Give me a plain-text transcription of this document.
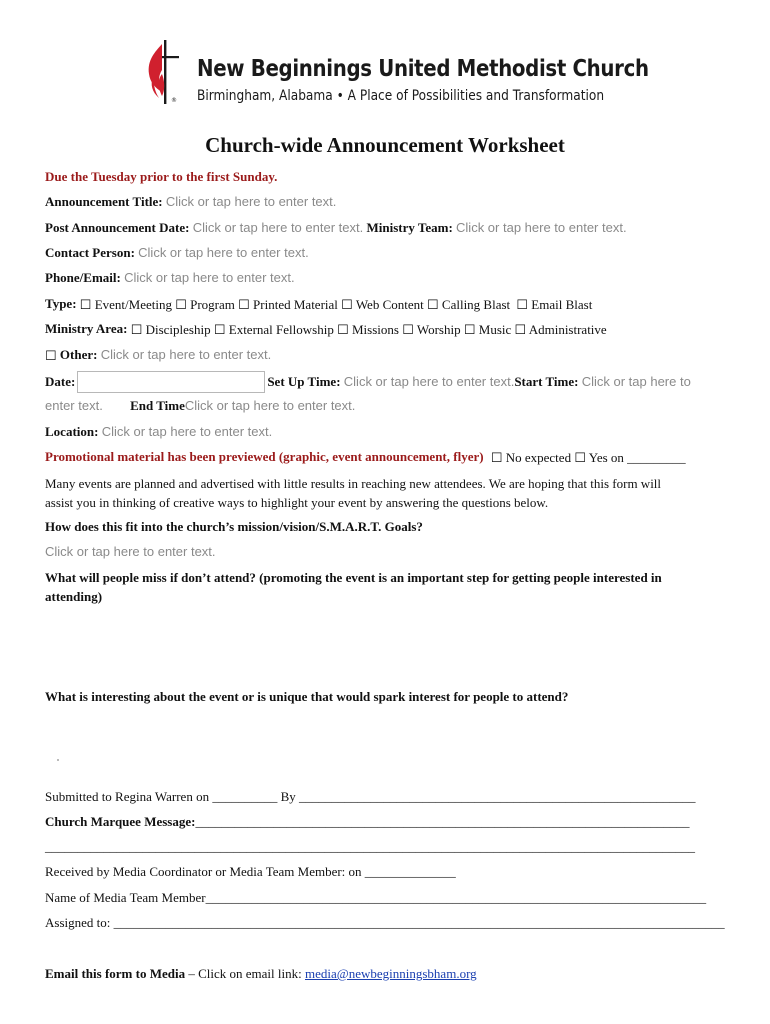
®
New Beginnings United Methodist Church
Birmingham, Alabama • A Place of Possibilities and Transformation
Church-wide Announcement Worksheet
Due the Tuesday prior to the first Sunday.
Announcement Title: Click or tap here to enter text.
Post Announcement Date: Click or tap here to enter text. Ministry Team: Click or tap here to enter text.
Contact Person: Click or tap here to enter text.
Phone/Email: Click or tap here to enter text.
Type: ☐ Event/Meeting ☐ Program ☐ Printed Material ☐ Web Content ☐ Calling Blast ☐ Email Blast
Ministry Area: ☐ Discipleship ☐ External Fellowship ☐ Missions ☐ Worship ☐ Music ☐ Administrative
☐ Other: Click or tap here to enter text.
Date:	Set Up Time: Click or tap here to enter text.Start Time: Click or tap here to
enter text. End TimeClick or tap here to enter text.
Location: Click or tap here to enter text.
Promotional material has been previewed (graphic, event announcement, flyer) ☐ No expected ☐ Yes on _________
Many events are planned and advertised with little results in reaching new attendees. We are hoping that this form will
assist you in thinking of creative ways to highlight your event by answering the questions below.
How does this fit into the church’s mission/vision/S.M.A.R.T. Goals?
Click or tap here to enter text.
What will people miss if don’t attend? (promoting the event is an important step for getting people interested in
attending)
What is interesting about the event or is unique that would spark interest for people to attend?
Submitted to Regina Warren on __________ By _____________________________________________________________
Church Marquee Message:____________________________________________________________________________
____________________________________________________________________________________________________
Received by Media Coordinator or Media Team Member: on ______________
Name of Media Team Member_____________________________________________________________________________
Assigned to: ______________________________________________________________________________________________
Email this form to Media – Click on email link: media@newbeginningsbham.org
